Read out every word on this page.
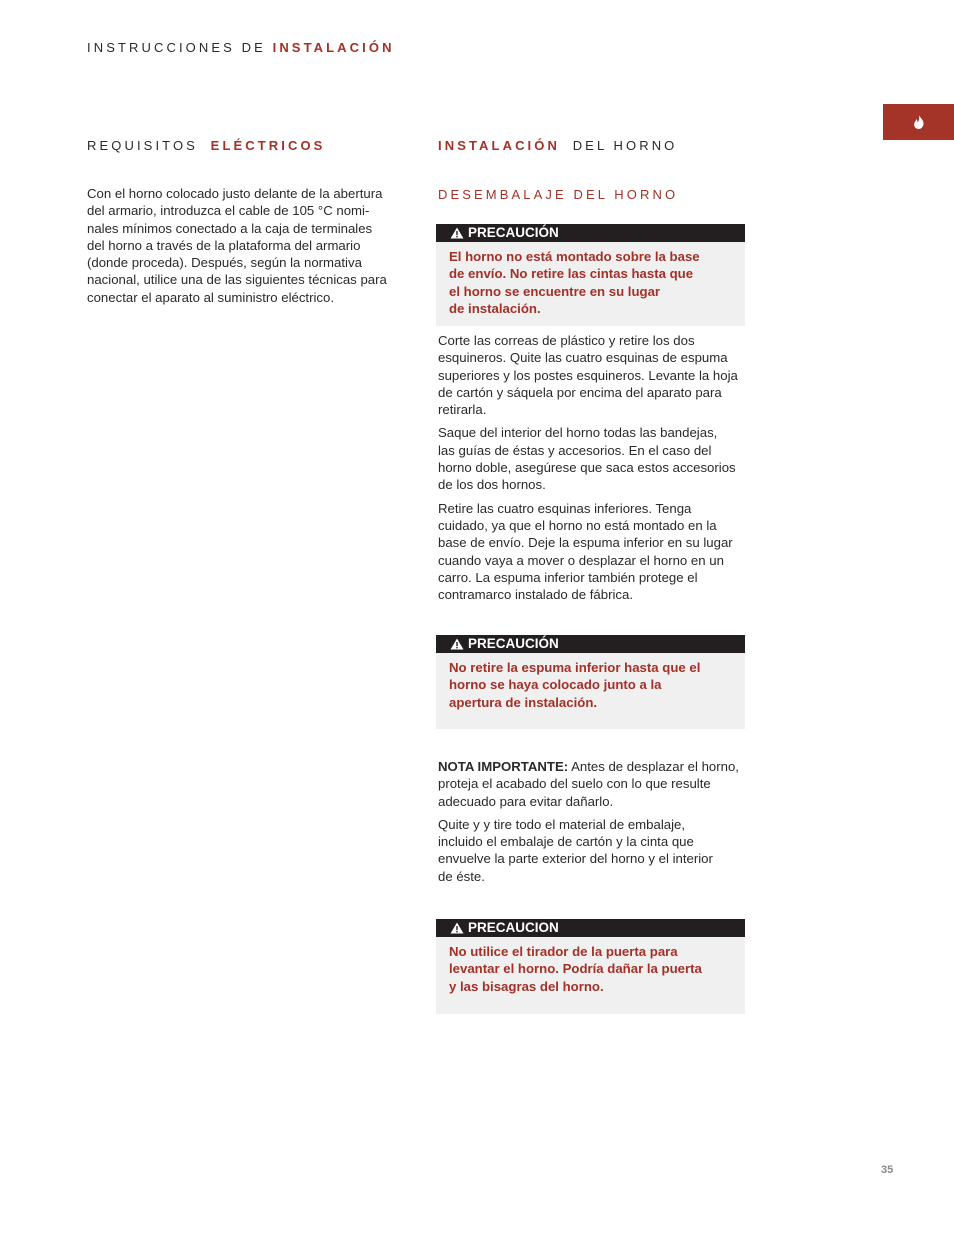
INSTRUCCIONES DE INSTALACIÓN
REQUISITOS ELÉCTRICOS
Con el horno colocado justo delante de la abertura
del armario, introduzca el cable de 105 °C nomi-
nales mínimos conectado a la caja de terminales
del horno a través de la plataforma del armario
(donde proceda). Después, según la normativa
nacional, utilice una de las siguientes técnicas para
conectar el aparato al suministro eléctrico.
INSTALACIÓN DEL HORNO
DESEMBALAJE DEL HORNO
PRECAUCIÓN
El horno no está montado sobre la base
de envío. No retire las cintas hasta que
el horno se encuentre en su lugar
de instalación.
Corte las correas de plástico y retire los dos
esquineros. Quite las cuatro esquinas de espuma
superiores y los postes esquineros. Levante la hoja
de cartón y sáquela por encima del aparato para
retirarla.
Saque del interior del horno todas las bandejas,
las guías de éstas y accesorios. En el caso del
horno doble, asegúrese que saca estos accesorios
de los dos hornos.
Retire las cuatro esquinas inferiores. Tenga
cuidado, ya que el horno no está montado en la
base de envío. Deje la espuma inferior en su lugar
cuando vaya a mover o desplazar el horno en un
carro. La espuma inferior también protege el
contramarco instalado de fábrica.
PRECAUCIÓN
No retire la espuma inferior hasta que el
horno se haya colocado junto a la
apertura de instalación.
NOTA IMPORTANTE: Antes de desplazar el horno,
proteja el acabado del suelo con lo que resulte
adecuado para evitar dañarlo.
Quite y y tire todo el material de embalaje,
incluido el embalaje de cartón y la cinta que
envuelve la parte exterior del horno y el interior
de éste.
PRECAUCION
No utilice el tirador de la puerta para
levantar el horno. Podría dañar la puerta
y las bisagras del horno.
35
